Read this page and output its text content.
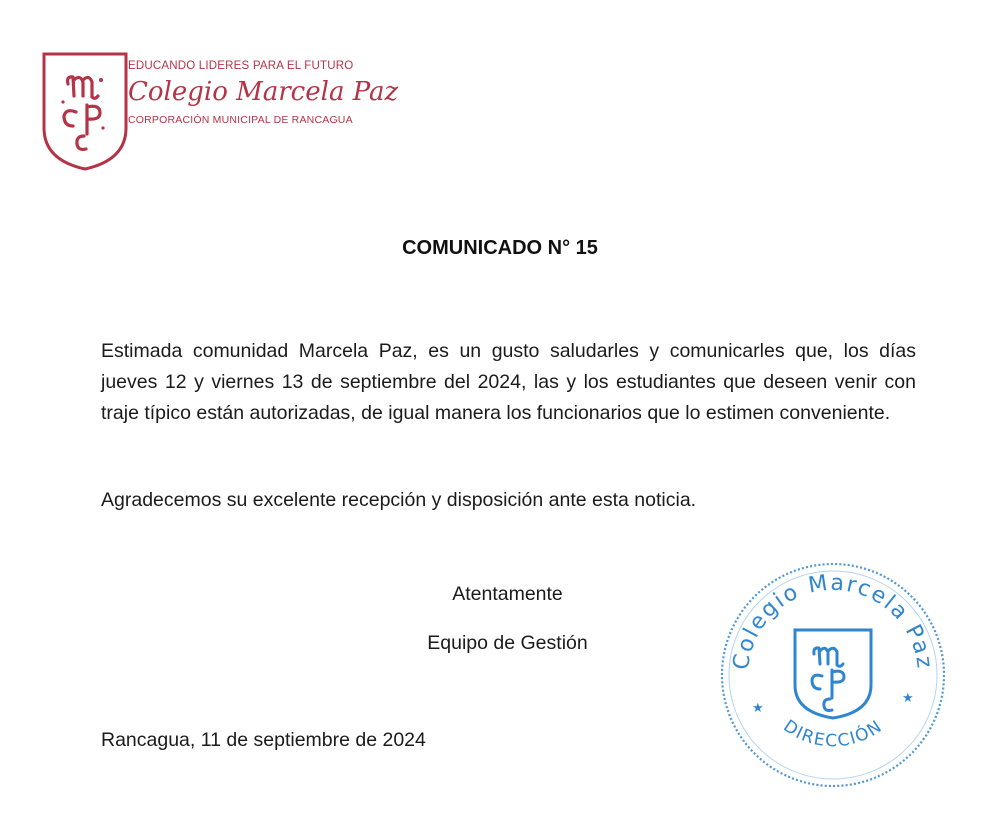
EDUCANDO LIDERES PARA EL FUTURO
Colegio Marcela Paz
CORPORACIÓN MUNICIPAL DE RANCAGUA
COMUNICADO N° 15
Estimada comunidad Marcela Paz, es un gusto saludarles y comunicarles que, los días jueves 12 y viernes 13 de septiembre del 2024, las y los estudiantes que deseen venir con traje típico están autorizadas, de igual manera los funcionarios que lo estimen conveniente.
Agradecemos su excelente recepción y disposición ante esta noticia.
Atentamente
Equipo de Gestión
Rancagua, 11 de septiembre de 2024
Colegio Marcela Paz
DIRECCIÓN
★
★
